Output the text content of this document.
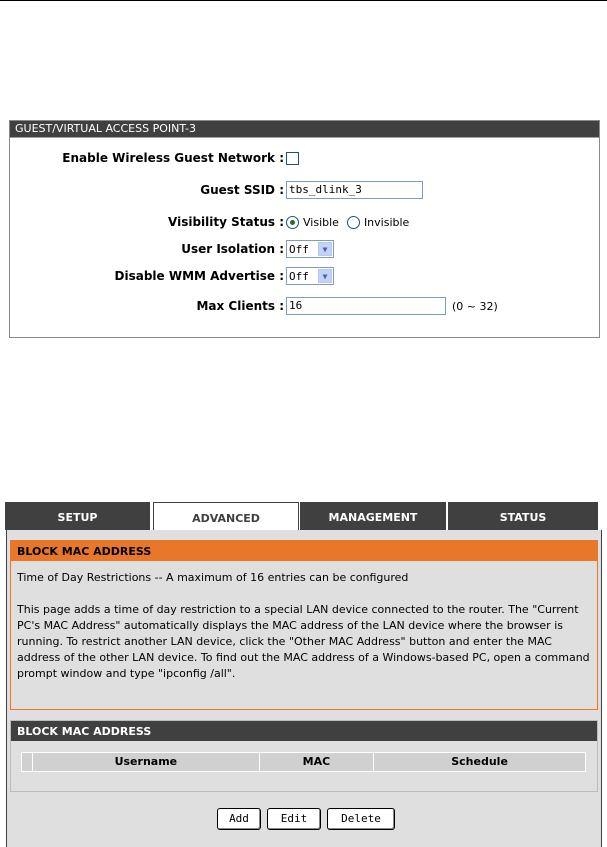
GUEST/VIRTUAL ACCESS POINT-3
Enable Wireless Guest Network :
Guest SSID : tbs_dlink_3
Visibility Status : Visible Invisible
User Isolation : Off	▼
Disable WMM Advertise : Off	▼
Max Clients : 16	(0 ~ 32)
SETUP	ADVANCED	MANAGEMENT	STATUS
BLOCK MAC ADDRESS
Time of Day Restrictions -- A maximum of 16 entries can be configured
This page adds a time of day restriction to a special LAN device connected to the router. The "Current PC's MAC Address" automatically displays the MAC address of the LAN device where the browser is running. To restrict another LAN device, click the "Other MAC Address" button and enter the MAC address of the other LAN device. To find out the MAC address of a Windows-based PC, open a command prompt window and type "ipconfig /all".
BLOCK MAC ADDRESS
Username	MAC	Schedule
Add	Edit	Delete
